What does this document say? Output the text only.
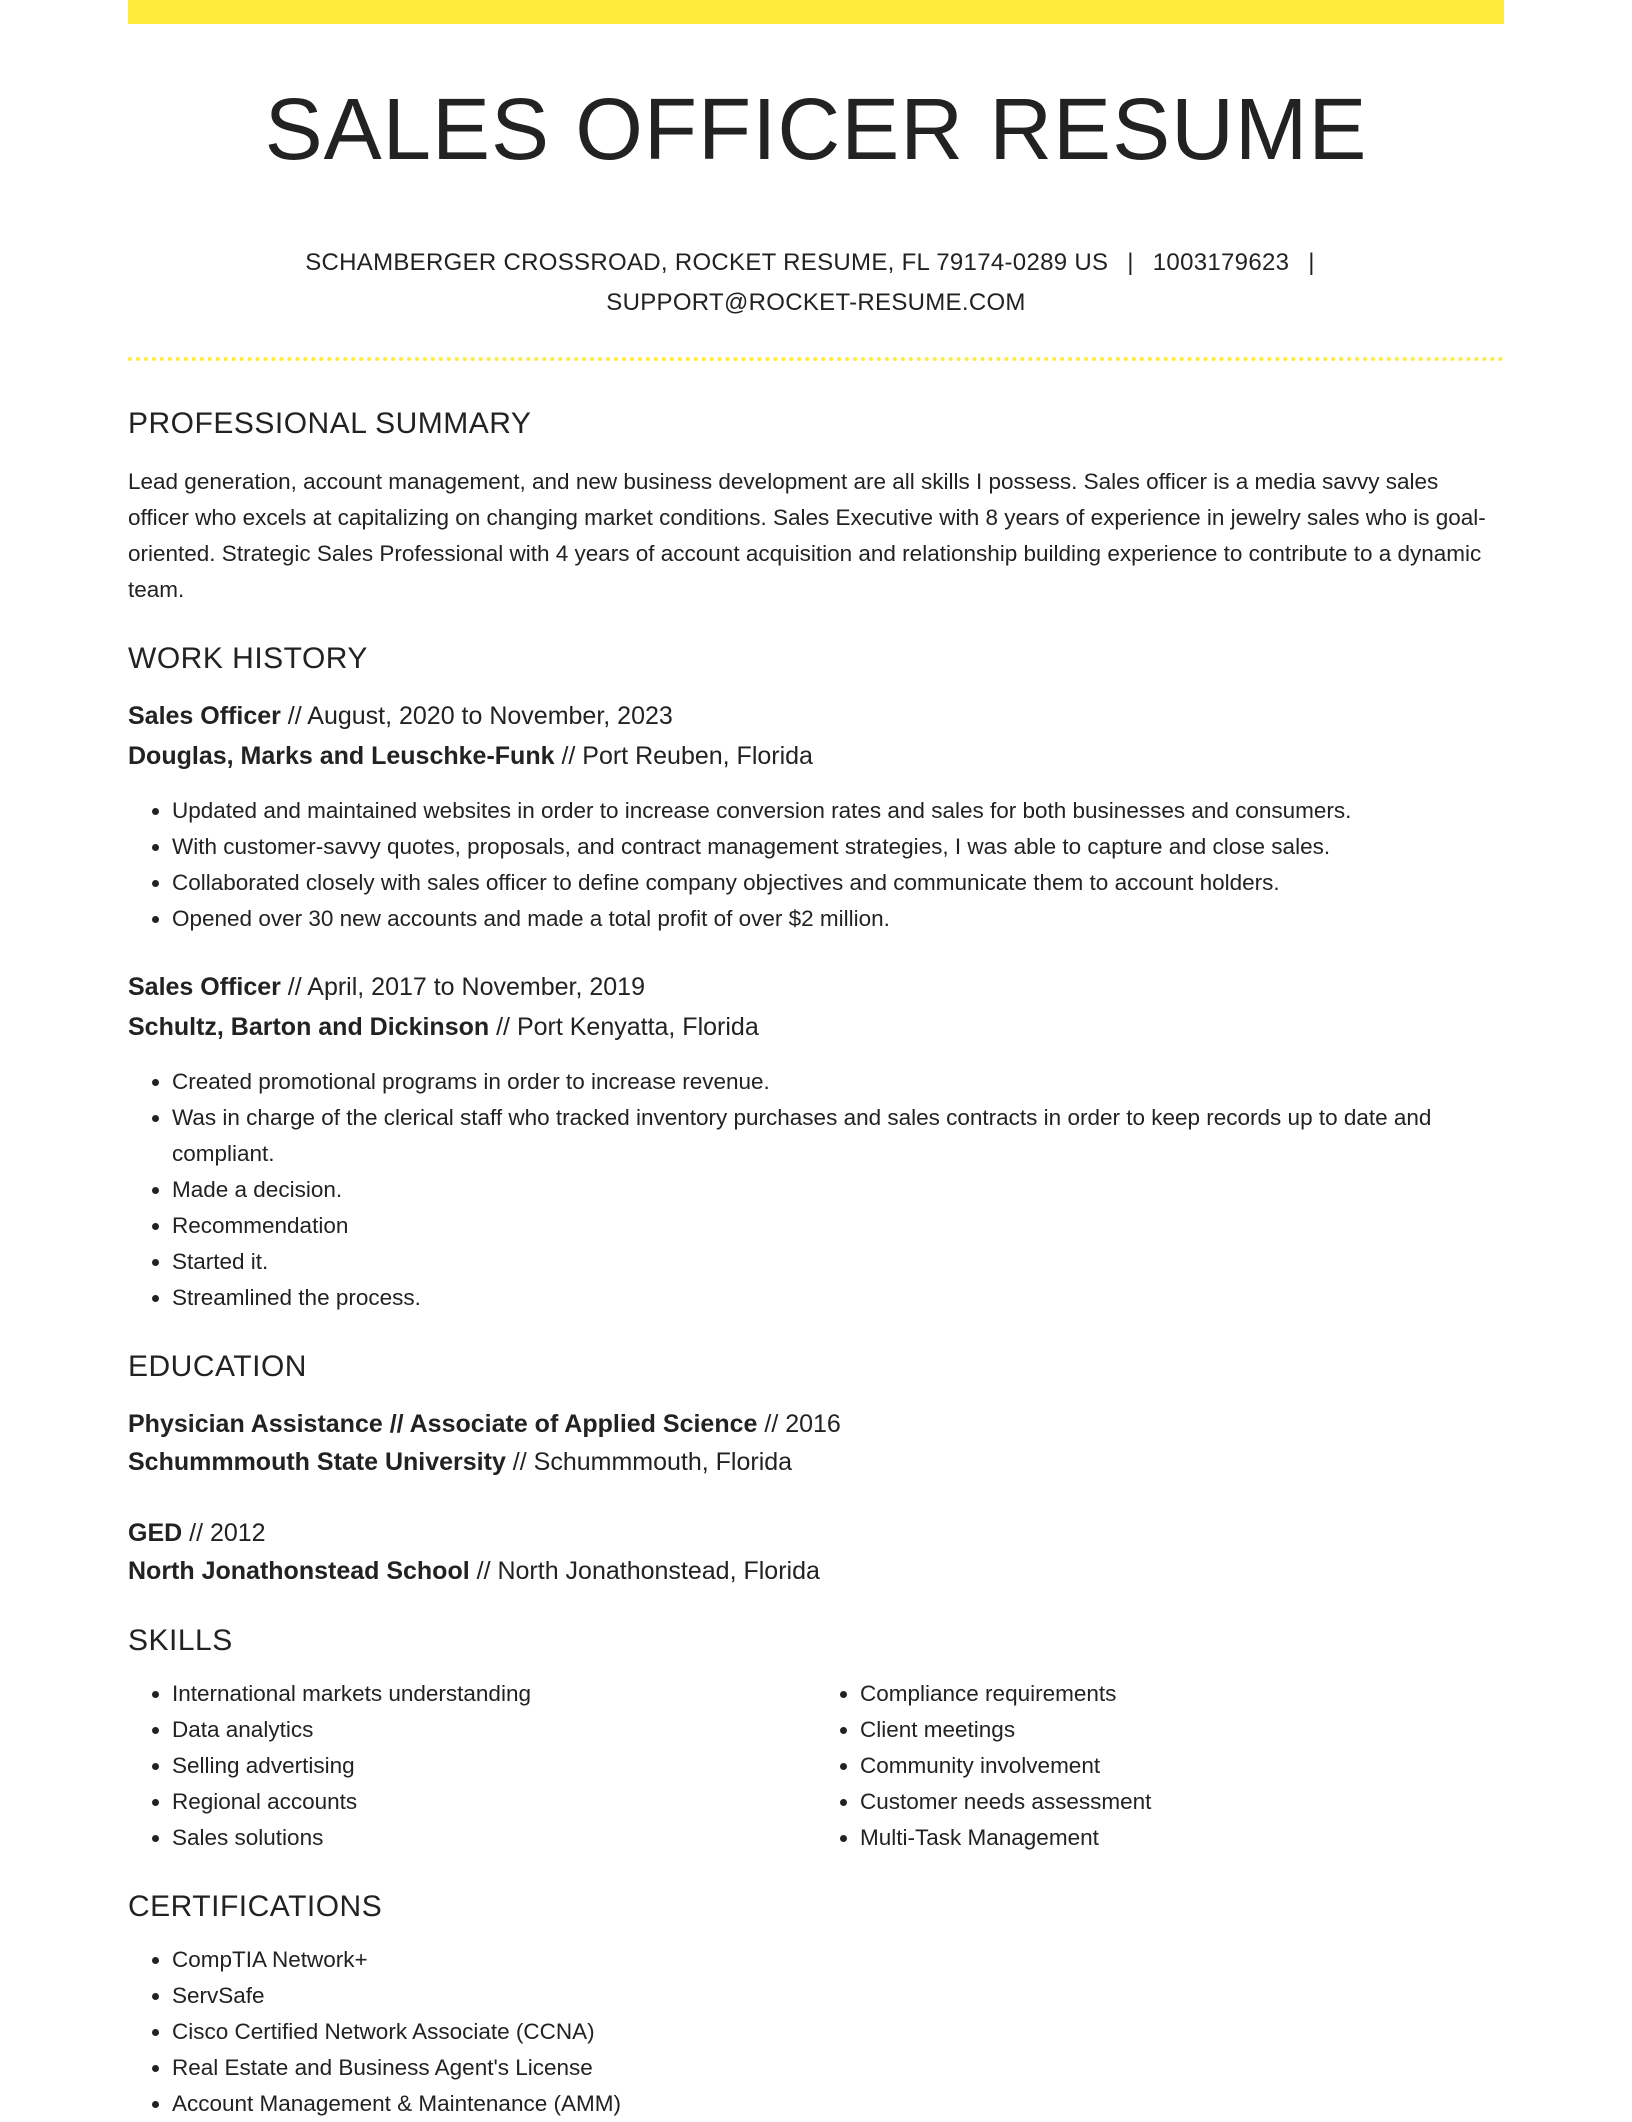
SALES OFFICER RESUME
SCHAMBERGER CROSSROAD, ROCKET RESUME, FL 79174-0289 US | 1003179623 |
SUPPORT@ROCKET-RESUME.COM
PROFESSIONAL SUMMARY

Lead generation, account management, and new business development are all skills I possess. Sales officer is a media savvy sales officer who excels at capitalizing on changing market conditions. Sales Executive with 8 years of experience in jewelry sales who is goal-oriented. Strategic Sales Professional with 4 years of account acquisition and relationship building experience to contribute to a dynamic team.

WORK HISTORY
Sales Officer // August, 2020 to November, 2023
Douglas, Marks and Leuschke-Funk // Port Reuben, Florida
• Updated and maintained websites in order to increase conversion rates and sales for both businesses and consumers.
• With customer-savvy quotes, proposals, and contract management strategies, I was able to capture and close sales.
• Collaborated closely with sales officer to define company objectives and communicate them to account holders.
• Opened over 30 new accounts and made a total profit of over $2 million.
Sales Officer // April, 2017 to November, 2019
Schultz, Barton and Dickinson // Port Kenyatta, Florida
• Created promotional programs in order to increase revenue.
• Was in charge of the clerical staff who tracked inventory purchases and sales contracts in order to keep records up to date and compliant.
• Made a decision.
• Recommendation
• Started it.
• Streamlined the process.
EDUCATION
Physician Assistance // Associate of Applied Science // 2016
Schummmouth State University // Schummmouth, Florida
GED // 2012
North Jonathonstead School // North Jonathonstead, Florida
SKILLS
• International markets understanding
• Data analytics
• Selling advertising
• Regional accounts
• Sales solutions
• Compliance requirements
• Client meetings
• Community involvement
• Customer needs assessment
• Multi-Task Management
CERTIFICATIONS
• CompTIA Network+
• ServSafe
• Cisco Certified Network Associate (CCNA)
• Real Estate and Business Agent's License
• Account Management & Maintenance (AMM)
